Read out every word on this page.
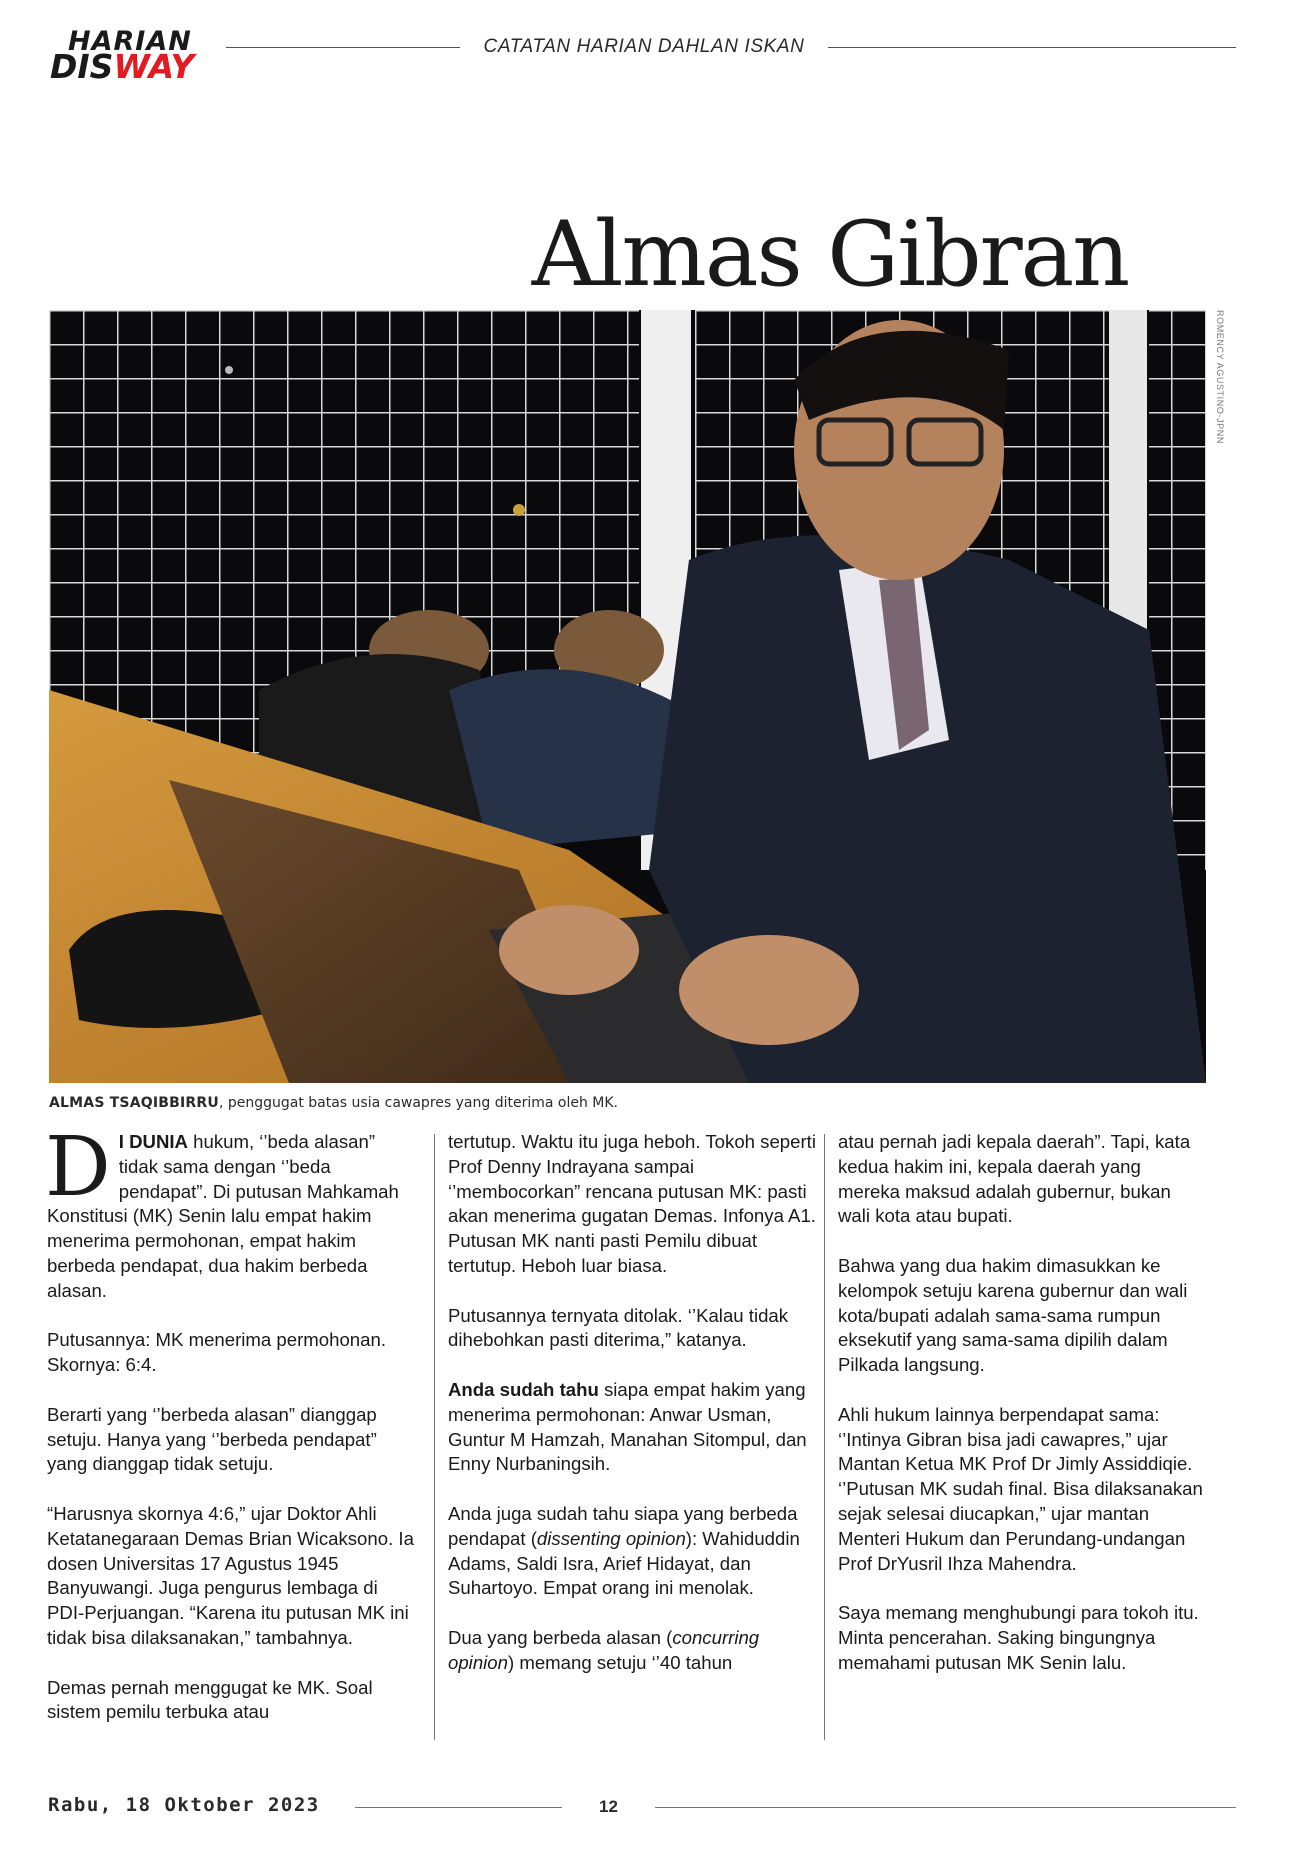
HARIAN
DISWAY
CATATAN HARIAN DAHLAN ISKAN
Almas Gibran
ROMENCY AGUSTINO-JPNN
ALMAS TSAQIBBIRRU, penggugat batas usia cawapres yang diterima oleh MK.

D I DUNIA hukum, ‘’beda alasan” tidak sama dengan ‘’beda pendapat”. Di putusan Mahkamah Konstitusi (MK) Senin lalu empat hakim menerima permohonan, empat hakim berbeda pendapat, dua hakim berbeda alasan.

Putusannya: MK menerima permohonan. Skornya: 6:4.

Berarti yang ‘’berbeda alasan” dianggap setuju. Hanya yang ‘’berbeda pendapat” yang dianggap tidak setuju.

“Harusnya skornya 4:6,” ujar Doktor Ahli Ketatanegaraan Demas Brian Wicaksono. Ia dosen Universitas 17 Agustus 1945 Banyuwangi. Juga pengurus lembaga di PDI-Perjuangan. “Karena itu putusan MK ini tidak bisa dilaksanakan,” tambahnya.

Demas pernah menggugat ke MK. Soal sistem pemilu terbuka atau

tertutup. Waktu itu juga heboh. Tokoh seperti Prof Denny Indrayana sampai ‘’membocorkan” rencana putusan MK: pasti akan menerima gugatan Demas. Infonya A1. Putusan MK nanti pasti Pemilu dibuat tertutup. Heboh luar biasa.

Putusannya ternyata ditolak. ‘’Kalau tidak dihebohkan pasti diterima,” katanya.

Anda sudah tahu siapa empat hakim yang menerima permohonan: Anwar Usman, Guntur M Hamzah, Manahan Sitompul, dan Enny Nurbaningsih.

Anda juga sudah tahu siapa yang berbeda pendapat (dissenting opinion): Wahiduddin Adams, Saldi Isra, Arief Hidayat, dan Suhartoyo. Empat orang ini menolak.

Dua yang berbeda alasan (concurring opinion) memang setuju ‘’40 tahun

atau pernah jadi kepala daerah”. Tapi, kata kedua hakim ini, kepala daerah yang mereka maksud adalah gubernur, bukan wali kota atau bupati.

Bahwa yang dua hakim dimasukkan ke kelompok setuju karena gubernur dan wali kota/bupati adalah sama-sama rumpun eksekutif yang sama-sama dipilih dalam Pilkada langsung.

Ahli hukum lainnya berpendapat sama: ‘’Intinya Gibran bisa jadi cawapres,” ujar Mantan Ketua MK Prof Dr Jimly Assiddiqie. ‘’Putusan MK sudah final. Bisa dilaksanakan sejak selesai diucapkan,” ujar mantan Menteri Hukum dan Perundang-undangan Prof DrYusril Ihza Mahendra.

Saya memang menghubungi para tokoh itu. Minta pencerahan. Saking bingungnya memahami putusan MK Senin lalu.

Rabu, 18 Oktober 2023	12
